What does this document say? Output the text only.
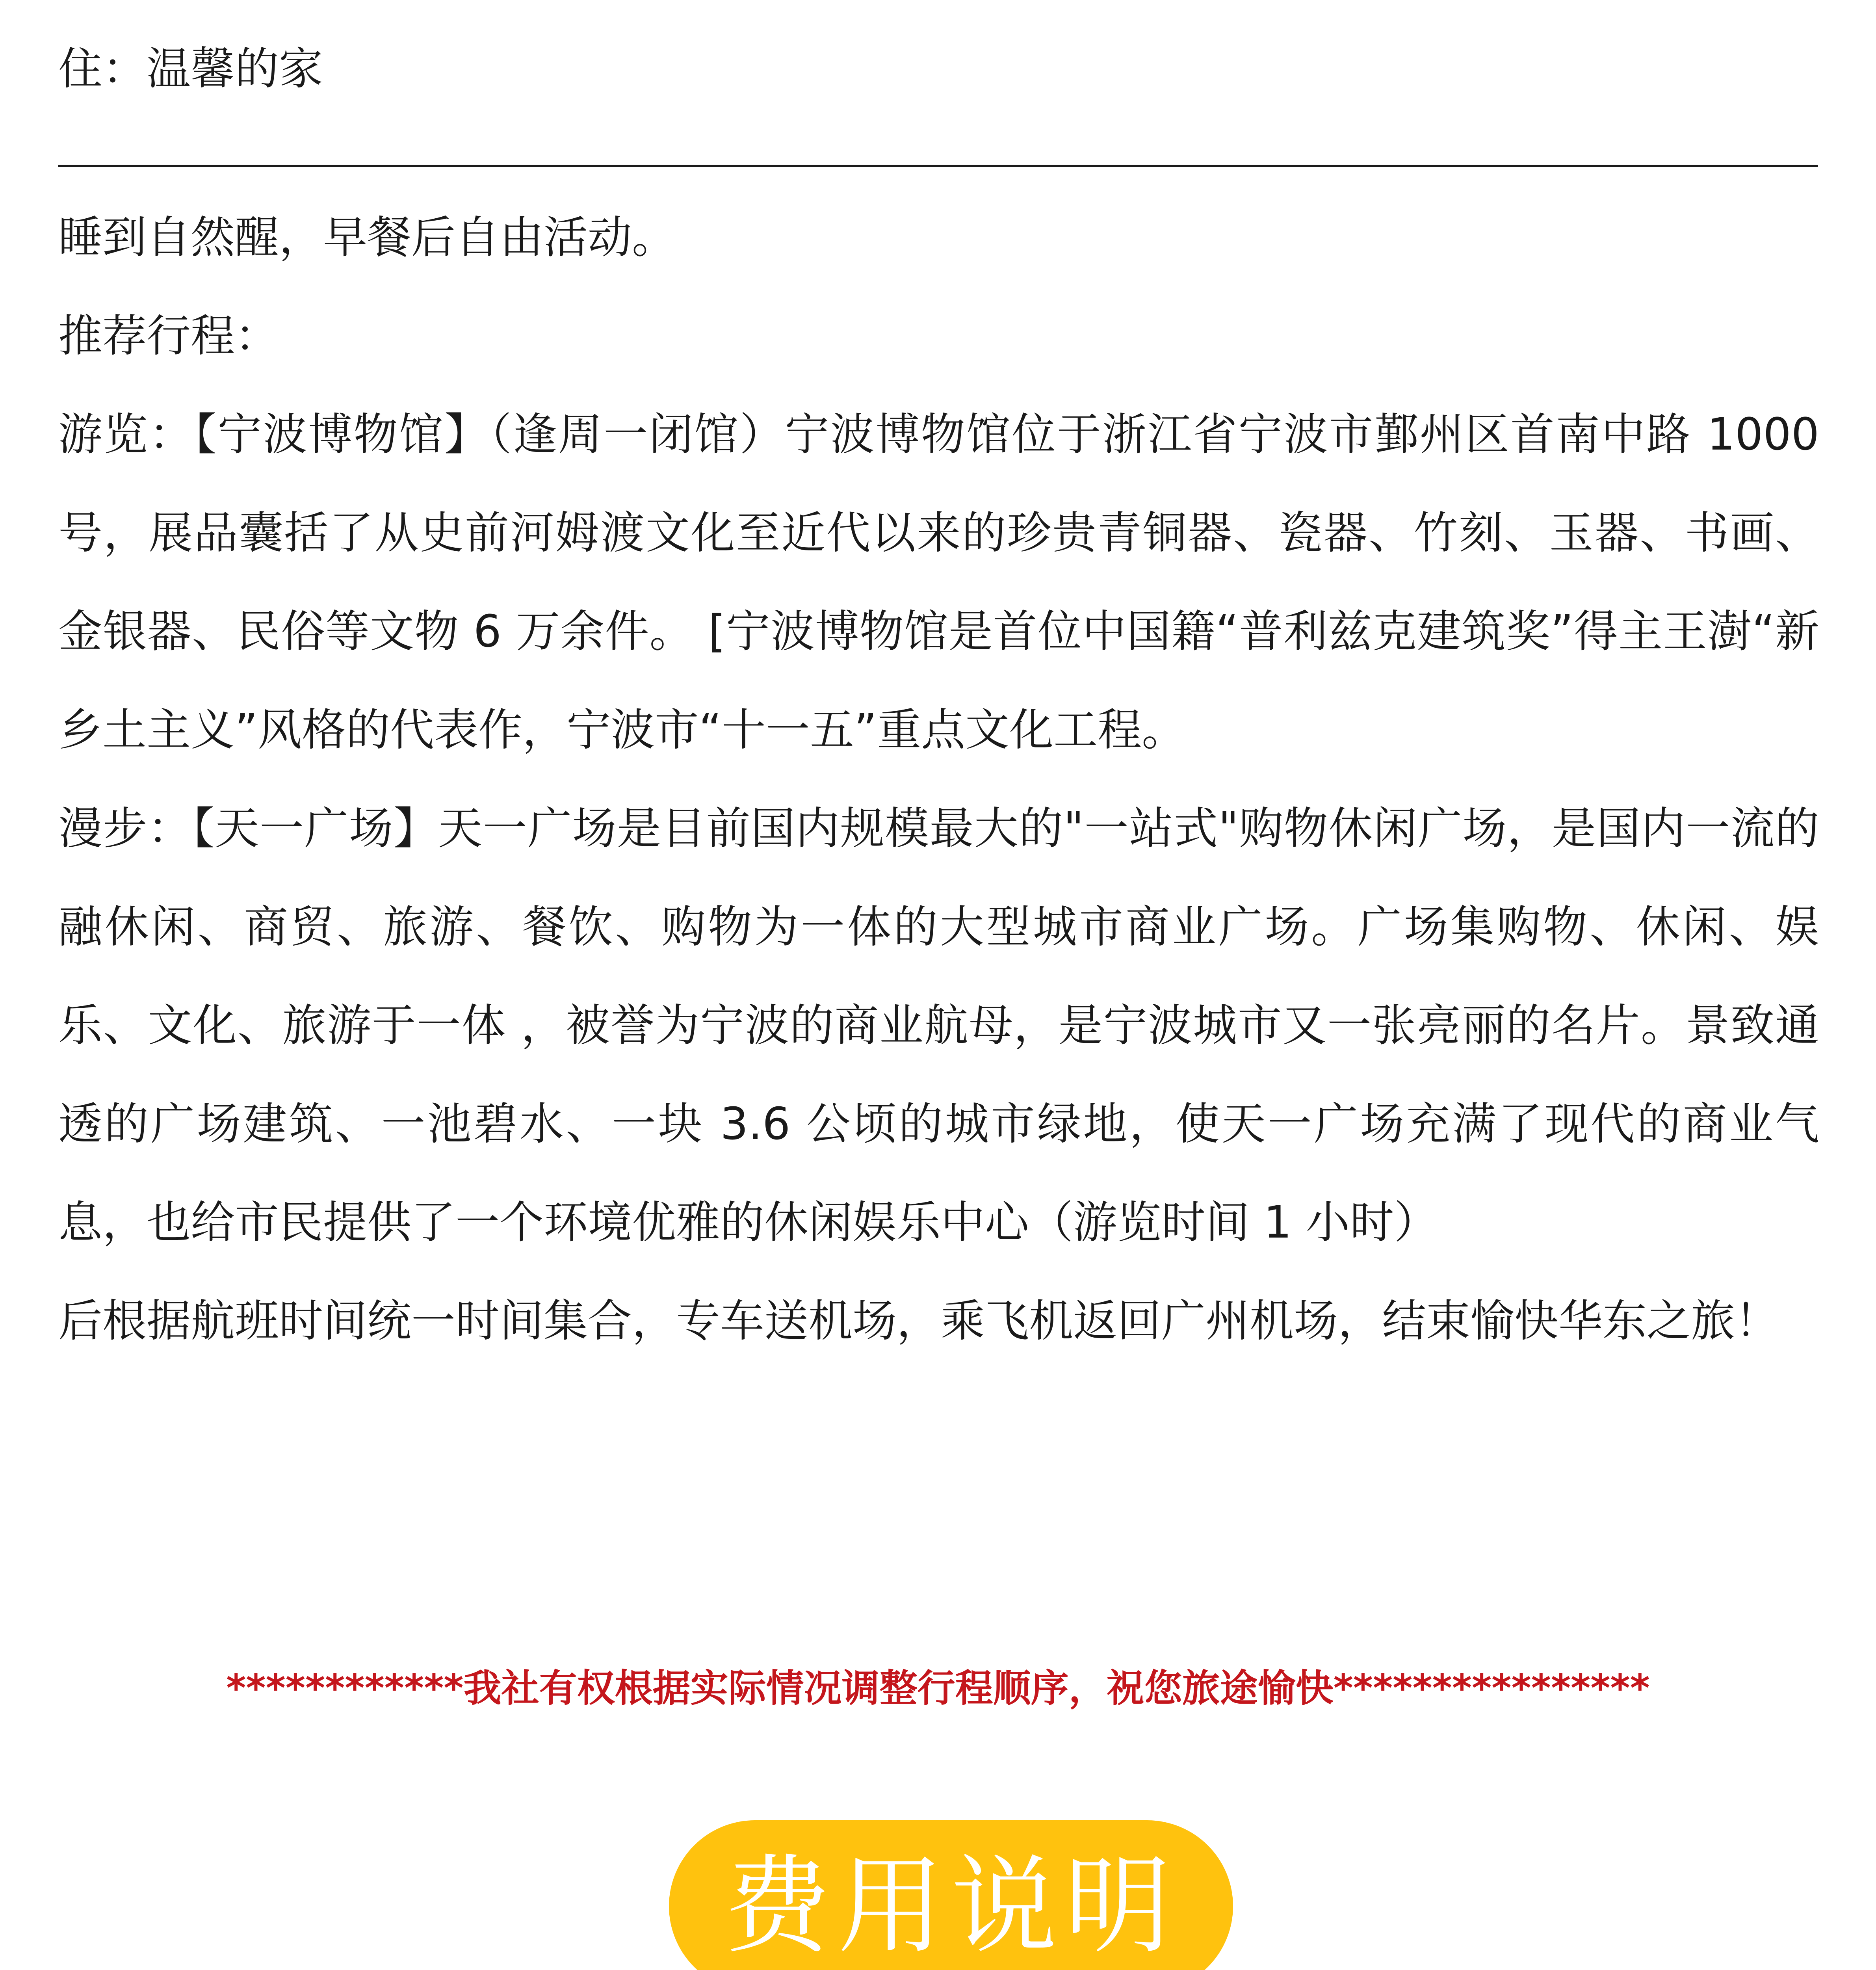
住：温馨的家

睡到自然醒，早餐后自由活动。

推荐行程：

游览：【宁波博物馆】（逢周一闭馆）宁波博物馆位于浙江省宁波市鄞州区首南中路 1000 号，展品囊括了从史前河姆渡文化至近代以来的珍贵青铜器、瓷器、竹刻、玉器、书画、金银器、民俗等文物 6 万余件。 [宁波博物馆是首位中国籍“普利兹克建筑奖”得主王澍“新乡土主义”风格的代表作，宁波市“十一五”重点文化工程。

漫步：【天一广场】天一广场是目前国内规模最大的"一站式"购物休闲广场，是国内一流的融休闲、商贸、旅游、餐饮、购物为一体的大型城市商业广场。广场集购物、休闲、娱乐、文化、旅游于一体 ，被誉为宁波的商业航母，是宁波城市又一张亮丽的名片。景致通透的广场建筑、一池碧水、一块 3.6 公顷的城市绿地，使天一广场充满了现代的商业气息，也给市民提供了一个环境优雅的休闲娱乐中心（游览时间 1 小时）

后根据航班时间统一时间集合，专车送机场，乘飞机返回广州机场，结束愉快华东之旅！

************我社有权根据实际情况调整行程顺序，祝您旅途愉快****************
费用说明
